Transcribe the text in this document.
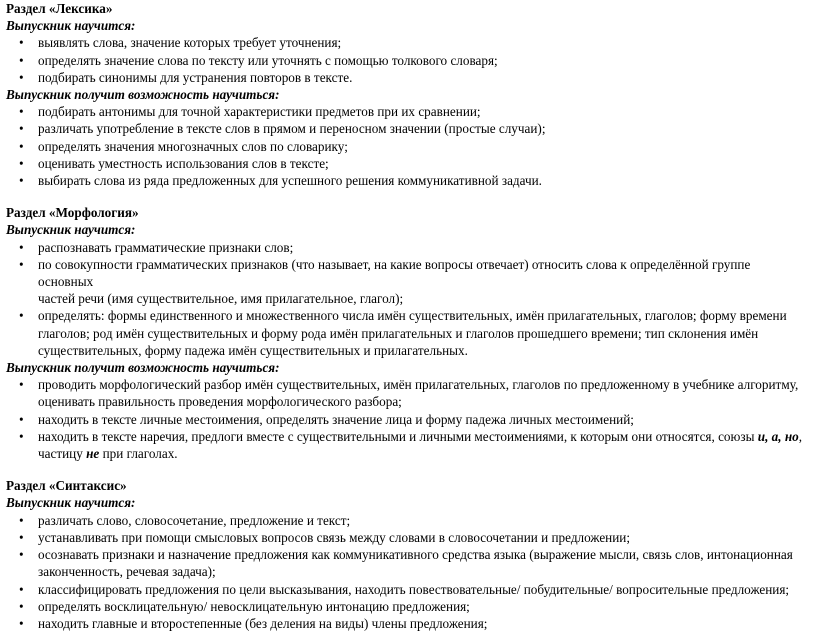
Раздел «Лексика»

Выпускник научится:

• выявлять слова, значение которых требует уточнения;
• определять значение слова по тексту или уточнять с помощью толкового словаря;
• подбирать синонимы для устранения повторов в тексте.

Выпускник получит возможность научиться:

• подбирать антонимы для точной характеристики предметов при их сравнении;
• различать употребление в тексте слов в прямом и переносном значении (простые случаи);
• определять значения многозначных слов по словарику;
• оценивать уместность использования слов в тексте;
• выбирать слова из ряда предложенных для успешного решения коммуникативной задачи.

Раздел «Морфология»

Выпускник научится:

• распознавать грамматические признаки слов;
• по совокупности грамматических признаков (что называет, на какие вопросы отвечает) относить слова к определённой группе основных
частей речи (имя существительное, имя прилагательное, глагол);
• определять: формы единственного и множественного числа имён существительных, имён прилагательных, глаголов; форму времени
глаголов; род имён существительных и форму рода имён прилагательных и глаголов прошедшего времени; тип склонения имён
существительных, форму падежа имён существительных и прилагательных.

Выпускник получит возможность научиться:

• проводить морфологический разбор имён существительных, имён прилагательных, глаголов по предложенному в учебнике алгоритму,
оценивать правильность проведения морфологического разбора;
• находить в тексте личные местоимения, определять значение лица и форму падежа личных местоимений;
• находить в тексте наречия, предлоги вместе с существительными и личными местоимениями, к которым они относятся, союзы и, а, но,
частицу не при глаголах.

Раздел «Синтаксис»

Выпускник научится:

• различать слово, словосочетание, предложение и текст;
• устанавливать при помощи смысловых вопросов связь между словами в словосочетании и предложении;
• осознавать признаки и назначение предложения как коммуникативного средства языка (выражение мысли, связь слов, интонационная
законченность, речевая задача);
• классифицировать предложения по цели высказывания, находить повествовательные/ побудительные/ вопросительные предложения;
• определять восклицательную/ невосклицательную интонацию предложения;
• находить главные и второстепенные (без деления на виды) члены предложения;
